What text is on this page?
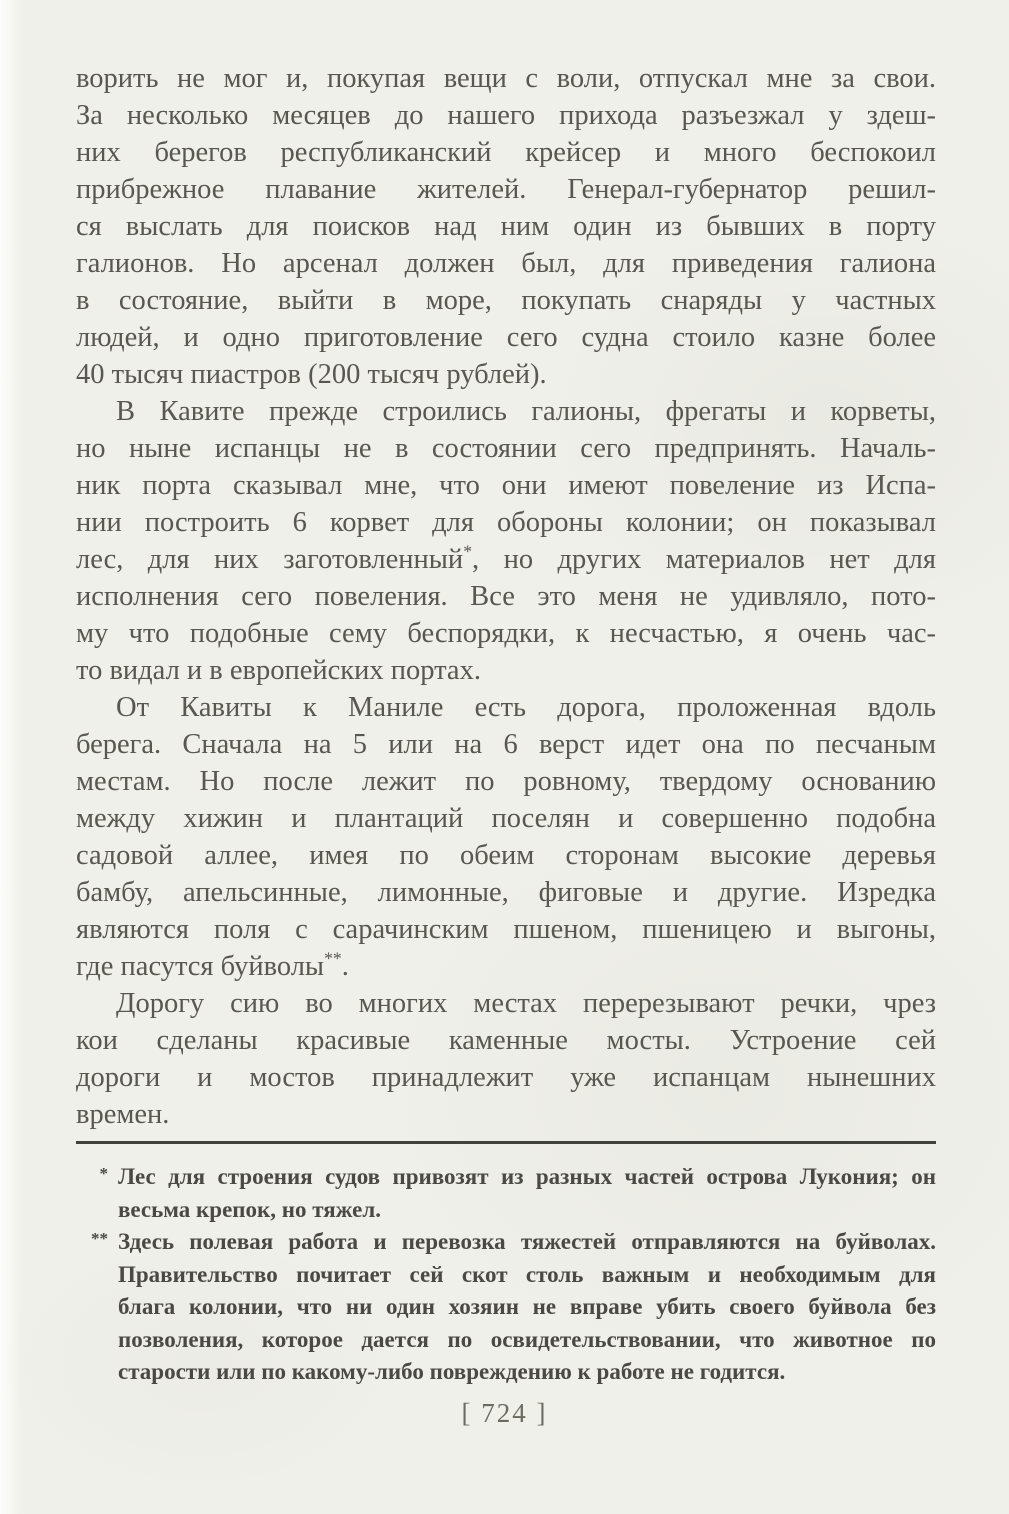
ворить не мог и, покупая вещи с воли, отпускал мне за свои.
За несколько месяцев до нашего прихода разъезжал у здеш-
них берегов республиканский крейсер и много беспокоил
прибрежное плавание жителей. Генерал-губернатор решил-
ся выслать для поисков над ним один из бывших в порту
галионов. Но арсенал должен был, для приведения галиона
в состояние, выйти в море, покупать снаряды у частных
людей, и одно приготовление сего судна стоило казне более
40 тысяч пиастров (200 тысяч рублей).
В Кавите прежде строились галионы, фрегаты и корветы,
но ныне испанцы не в состоянии сего предпринять. Началь-
ник порта сказывал мне, что они имеют повеление из Испа-
нии построить 6 корвет для обороны колонии; он показывал
лес, для них заготовленный*, но других материалов нет для
исполнения сего повеления. Все это меня не удивляло, пото-
му что подобные сему беспорядки, к несчастью, я очень час-
то видал и в европейских портах.
От Кавиты к Маниле есть дорога, проложенная вдоль
берега. Сначала на 5 или на 6 верст идет она по песчаным
местам. Но после лежит по ровному, твердому основанию
между хижин и плантаций поселян и совершенно подобна
садовой аллее, имея по обеим сторонам высокие деревья
бамбу, апельсинные, лимонные, фиговые и другие. Изредка
являются поля с сарачинским пшеном, пшеницею и выгоны,
где пасутся буйволы**.
Дорогу сию во многих местах перерезывают речки, чрез
кои сделаны красивые каменные мосты. Устроение сей
дороги и мостов принадлежит уже испанцам нынешних
времен.
* Лес для строения судов привозят из разных частей острова Лукония; он
весьма крепок, но тяжел.
** Здесь полевая работа и перевозка тяжестей отправляются на буйволах.
Правительство почитает сей скот столь важным и необходимым для
блага колонии, что ни один хозяин не вправе убить своего буйвола без
позволения, которое дается по освидетельствовании, что животное по
старости или по какому-либо повреждению к работе не годится.
[ 724 ]
